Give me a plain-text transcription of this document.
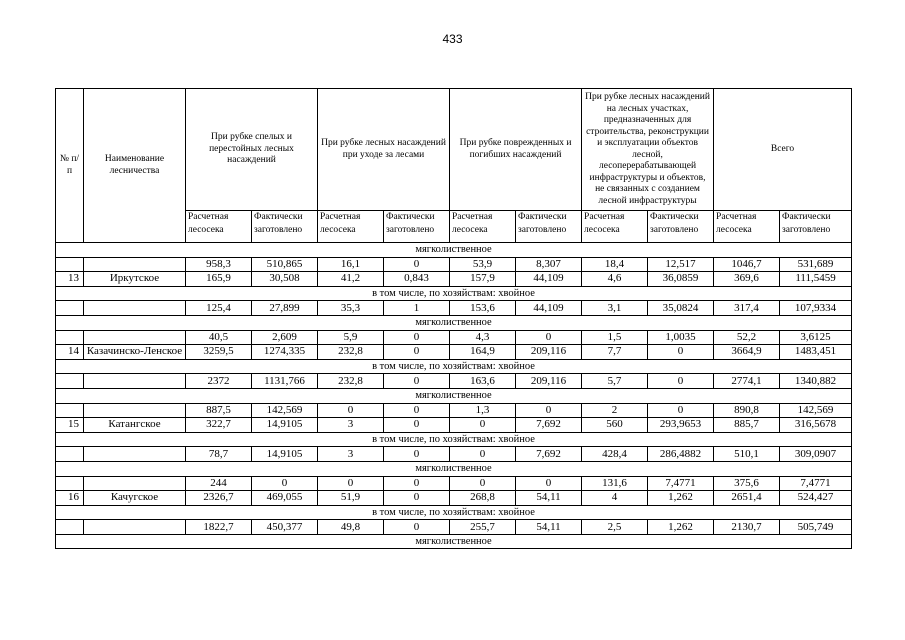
433
№ п/п	Наименование лесничества	При рубке спелых и перестойных лесных насаждений		При рубке лесных насаждений при уходе за лесами		При рубке поврежденных и погибших насаждений		При рубке лесных насаждений на лесных участках, предназначенных для строительства, реконструкции и эксплуатации объектов лесной, лесоперерабатывающей инфраструктуры и объектов, не связанных с созданием лесной инфраструктуры		Всего	
		Расчетная лесосека	Фактически заготовлено	Расчетная лесосека	Фактически заготовлено	Расчетная лесосека	Фактически заготовлено	Расчетная лесосека	Фактически заготовлено	Расчетная лесосека	Фактически заготовлено
мягколиственное											
		958,3	510,865	16,1	0	53,9	8,307	18,4	12,517	1046,7	531,689
13	Иркутское	165,9	30,508	41,2	0,843	157,9	44,109	4,6	36,0859	369,6	111,5459
в том числе, по хозяйствам: хвойное											
		125,4	27,899	35,3	1	153,6	44,109	3,1	35,0824	317,4	107,9334
мягколиственное											
		40,5	2,609	5,9	0	4,3	0	1,5	1,0035	52,2	3,6125
14	Казачинско-Ленское	3259,5	1274,335	232,8	0	164,9	209,116	7,7	0	3664,9	1483,451
в том числе, по хозяйствам: хвойное											
		2372	1131,766	232,8	0	163,6	209,116	5,7	0	2774,1	1340,882
мягколиственное											
		887,5	142,569	0	0	1,3	0	2	0	890,8	142,569
15	Катангское	322,7	14,9105	3	0	0	7,692	560	293,9653	885,7	316,5678
в том числе, по хозяйствам: хвойное											
		78,7	14,9105	3	0	0	7,692	428,4	286,4882	510,1	309,0907
мягколиственное											
		244	0	0	0	0	0	131,6	7,4771	375,6	7,4771
16	Качугское	2326,7	469,055	51,9	0	268,8	54,11	4	1,262	2651,4	524,427
в том числе, по хозяйствам: хвойное											
		1822,7	450,377	49,8	0	255,7	54,11	2,5	1,262	2130,7	505,749
мягколиственное											
